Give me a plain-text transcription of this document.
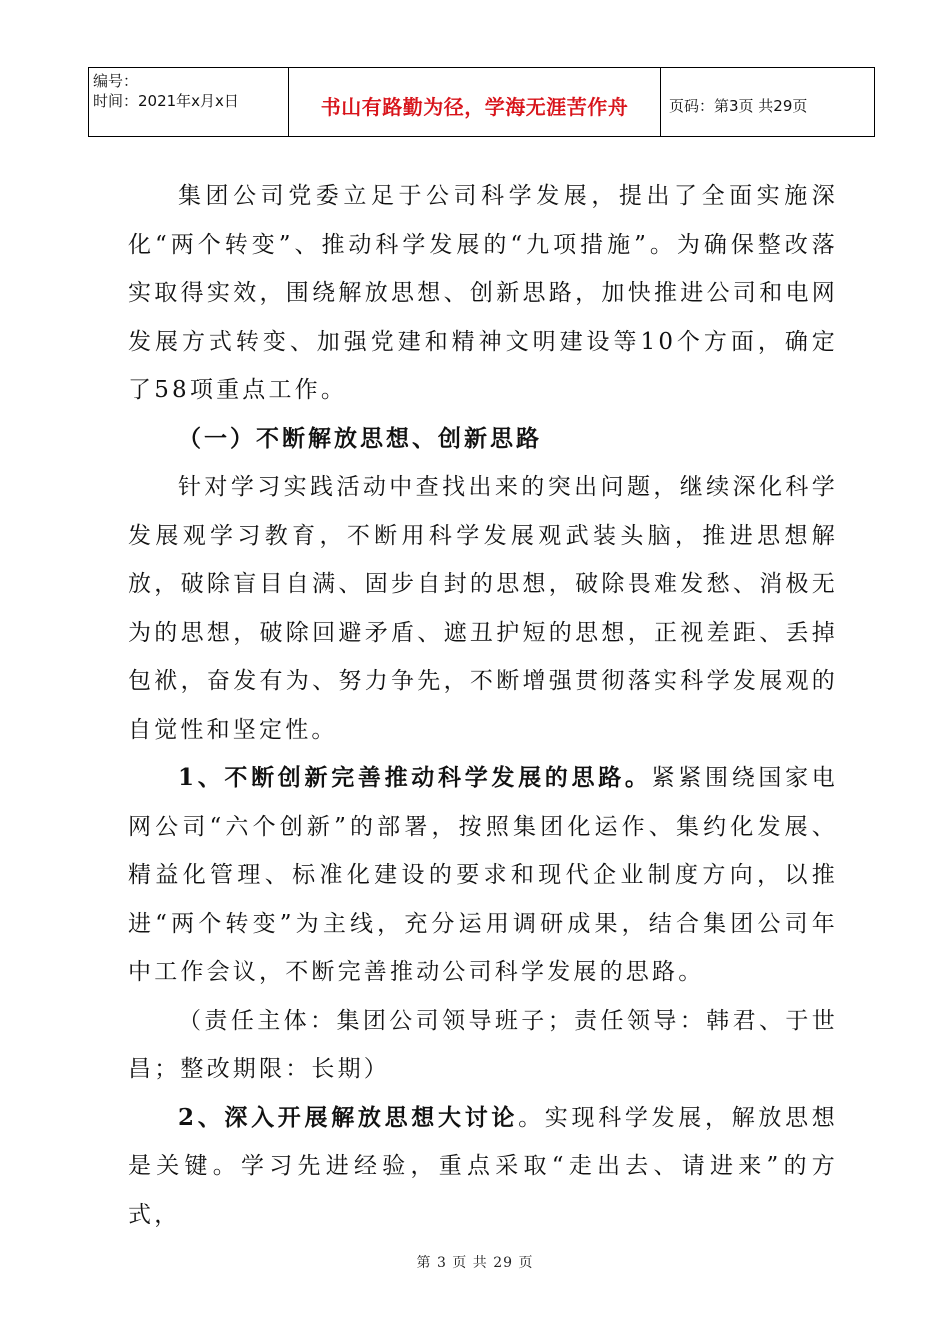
编号：
时间：2021年x月x日	书山有路勤为径，学海无涯苦作舟	页码：第3页 共29页

集团公司党委立足于公司科学发展，提出了全面实施深化“两个转变”、推动科学发展的“九项措施”。为确保整改落实取得实效，围绕解放思想、创新思路，加快推进公司和电网发展方式转变、加强党建和精神文明建设等10个方面，确定了58项重点工作。

（一）不断解放思想、创新思路

针对学习实践活动中查找出来的突出问题，继续深化科学发展观学习教育，不断用科学发展观武装头脑，推进思想解放，破除盲目自满、固步自封的思想，破除畏难发愁、消极无为的思想，破除回避矛盾、遮丑护短的思想，正视差距、丢掉包袱，奋发有为、努力争先，不断增强贯彻落实科学发展观的自觉性和坚定性。

1、不断创新完善推动科学发展的思路。紧紧围绕国家电网公司“六个创新”的部署，按照集团化运作、集约化发展、精益化管理、标准化建设的要求和现代企业制度方向，以推进“两个转变”为主线，充分运用调研成果，结合集团公司年中工作会议，不断完善推动公司科学发展的思路。

（责任主体：集团公司领导班子；责任领导：韩君、于世昌；整改期限：长期）

2、深入开展解放思想大讨论。实现科学发展，解放思想是关键。学习先进经验，重点采取“走出去、请进来”的方式，

第 3 页 共 29 页
